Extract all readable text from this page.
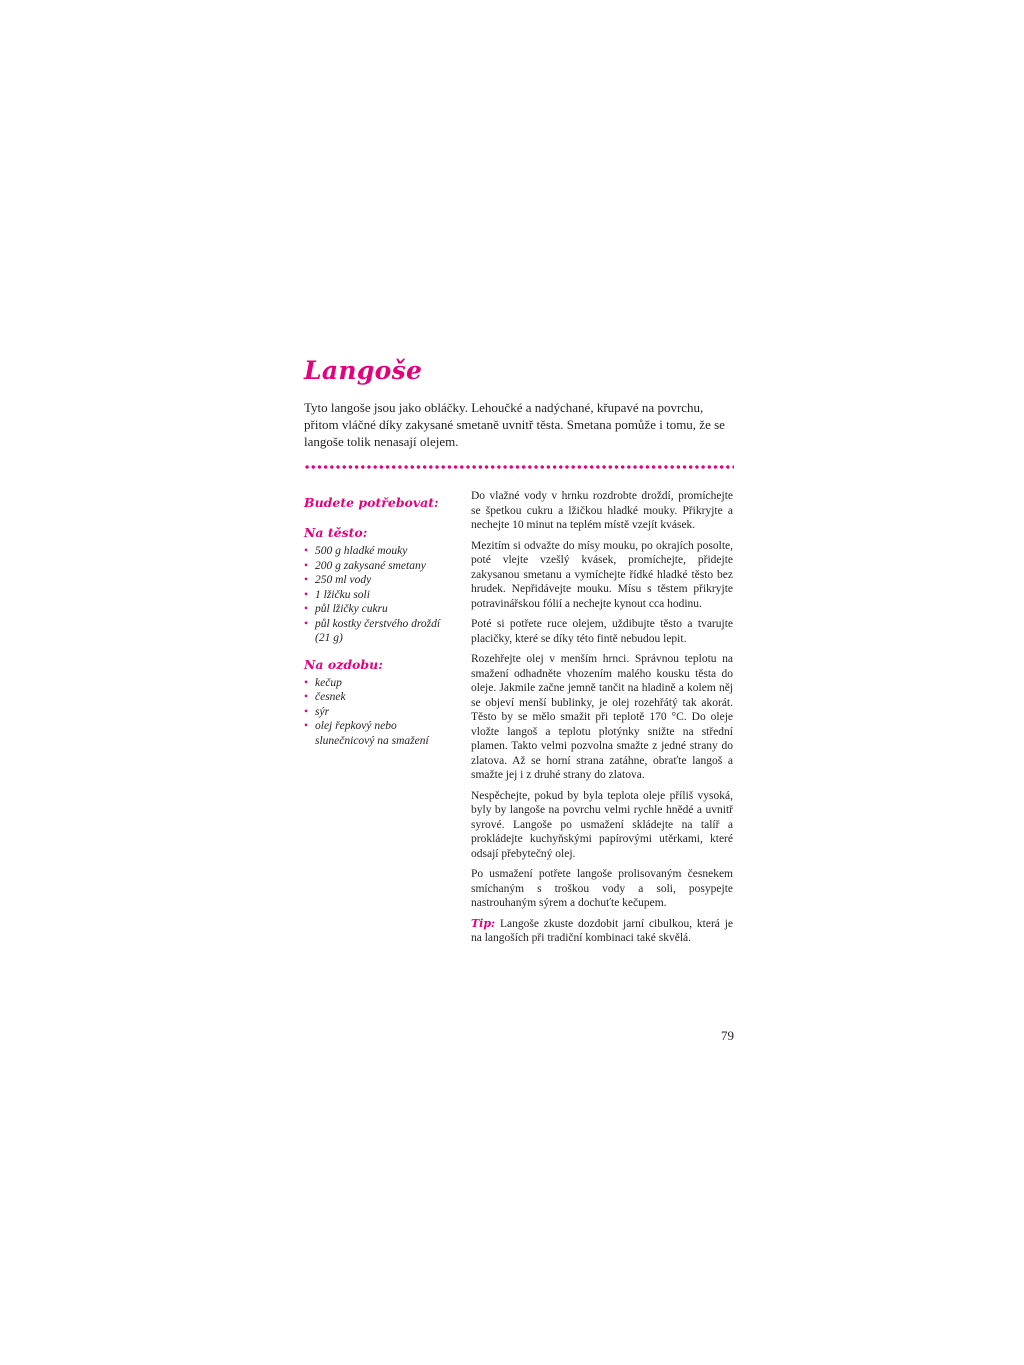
Langoše

Tyto langoše jsou jako obláčky. Lehoučké a nadýchané, křupavé na povrchu, přitom vláčné díky zakysané smetaně uvnitř těsta. Smetana pomůže i tomu, že se langoše tolik nenasají olejem.

Budete potřebovat:
Na těsto:
• 500 g hladké mouky
• 200 g zakysané smetany
• 250 ml vody
• 1 lžičku soli
• půl lžičky cukru
• půl kostky čerstvého droždí (21 g)
Na ozdobu:
• kečup
• česnek
• sýr
• olej řepkový nebo slunečnicový na smažení

Do vlažné vody v hrnku rozdrobte droždí, promíchejte se špetkou cukru a lžičkou hladké mouky. Přikryjte a nechejte 10 minut na teplém místě vzejít kvásek.

Mezitím si odvažte do mísy mouku, po okrajích posolte, poté vlejte vzešlý kvásek, promíchejte, přidejte zakysanou smetanu a vymíchejte řídké hladké těsto bez hrudek. Nepřidávejte mouku. Mísu s těstem přikryjte potravinářskou fólií a nechejte kynout cca hodinu.

Poté si potřete ruce olejem, uždibujte těsto a tvarujte placičky, které se díky této fintě nebudou lepit.

Rozehřejte olej v menším hrnci. Správnou teplotu na smažení odhadněte vhozením malého kousku těsta do oleje. Jakmile začne jemně tančit na hladině a kolem něj se objeví menší bublinky, je olej rozehřátý tak akorát. Těsto by se mělo smažit při teplotě 170 °C. Do oleje vložte langoš a teplotu plotýnky snižte na střední plamen. Takto velmi pozvolna smažte z jedné strany do zlatova. Až se horní strana zatáhne, obraťte langoš a smažte jej i z druhé strany do zlatova.

Nespěchejte, pokud by byla teplota oleje příliš vysoká, byly by langoše na povrchu velmi rychle hnědé a uvnitř syrové. Langoše po usmažení skládejte na talíř a prokládejte kuchyňskými papírovými utěrkami, které odsají přebytečný olej.

Po usmažení potřete langoše prolisovaným česnekem smíchaným s troškou vody a soli, posypejte nastrouhaným sýrem a dochuťte kečupem.

Tip: Langoše zkuste dozdobit jarní cibulkou, která je na langoších při tradiční kombinaci také skvělá.

79
